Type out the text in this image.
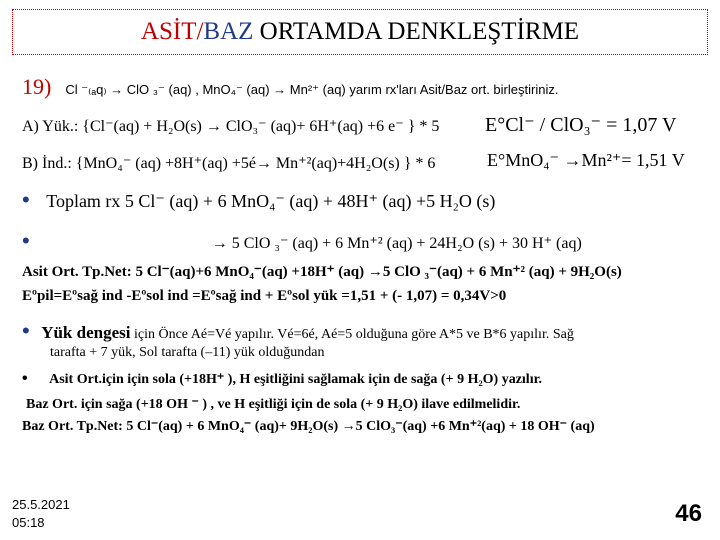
ASİT/BAZ ORTAMDA DENKLEŞTİRME
19) Cl ⁻₍ₐq₎ → ClO ₃⁻ (aq) , MnO₄⁻ (aq) → Mn²⁺ (aq) yarım rx'ları Asit/Baz ort. birleştiriniz.
A) Yük.: {Cl⁻(aq) + H₂O(s) → ClO₃⁻ (aq)+ 6H⁺(aq) +6 e⁻ } * 5 E°Cl⁻ / ClO₃⁻ = 1,07 V
B) İnd.: {MnO₄⁻ (aq) +8H⁺(aq) +5é→ Mn⁺²(aq)+4H₂O(s) } * 6	E°MnO₄⁻ →Mn²⁺= 1,51 V
• Toplam rx 5 Cl⁻ (aq) + 6 MnO₄⁻ (aq) + 48H⁺ (aq) +5 H₂O (s)
•	→ 5 ClO ₃⁻ (aq) + 6 Mn⁺² (aq) + 24H₂O (s) + 30 H⁺ (aq)
Asit Ort. Tp.Net: 5 Cl⁻(aq)+6 MnO₄⁻(aq) +18H⁺ (aq) →5 ClO ₃⁻(aq) + 6 Mn⁺² (aq) + 9H₂O(s)
Eºpil=Eºsağ ind -Eºsol ind =Eºsağ ind + Eºsol yük =1,51 + (- 1,07) = 0,34V>0
• Yük dengesi için Önce Aé=Vé yapılır. Vé=6é, Aé=5 olduğuna göre A*5 ve B*6 yapılır. Sağ
tarafta + 7 yük, Sol tarafta (–11) yük olduğundan
• Asit Ort.için için sola (+18H⁺ ), H eşitliğini sağlamak için de sağa (+ 9 H₂O) yazılır.
Baz Ort. için sağa (+18 OH ⁻ ) , ve H eşitliği için de sola (+ 9 H₂O) ilave edilmelidir.
Baz Ort. Tp.Net: 5 Cl⁻(aq) + 6 MnO₄⁻ (aq)+ 9H₂O(s) →5 ClO₃⁻(aq) +6 Mn⁺²(aq) + 18 OH⁻ (aq)
25.5.2021
05:18	46
